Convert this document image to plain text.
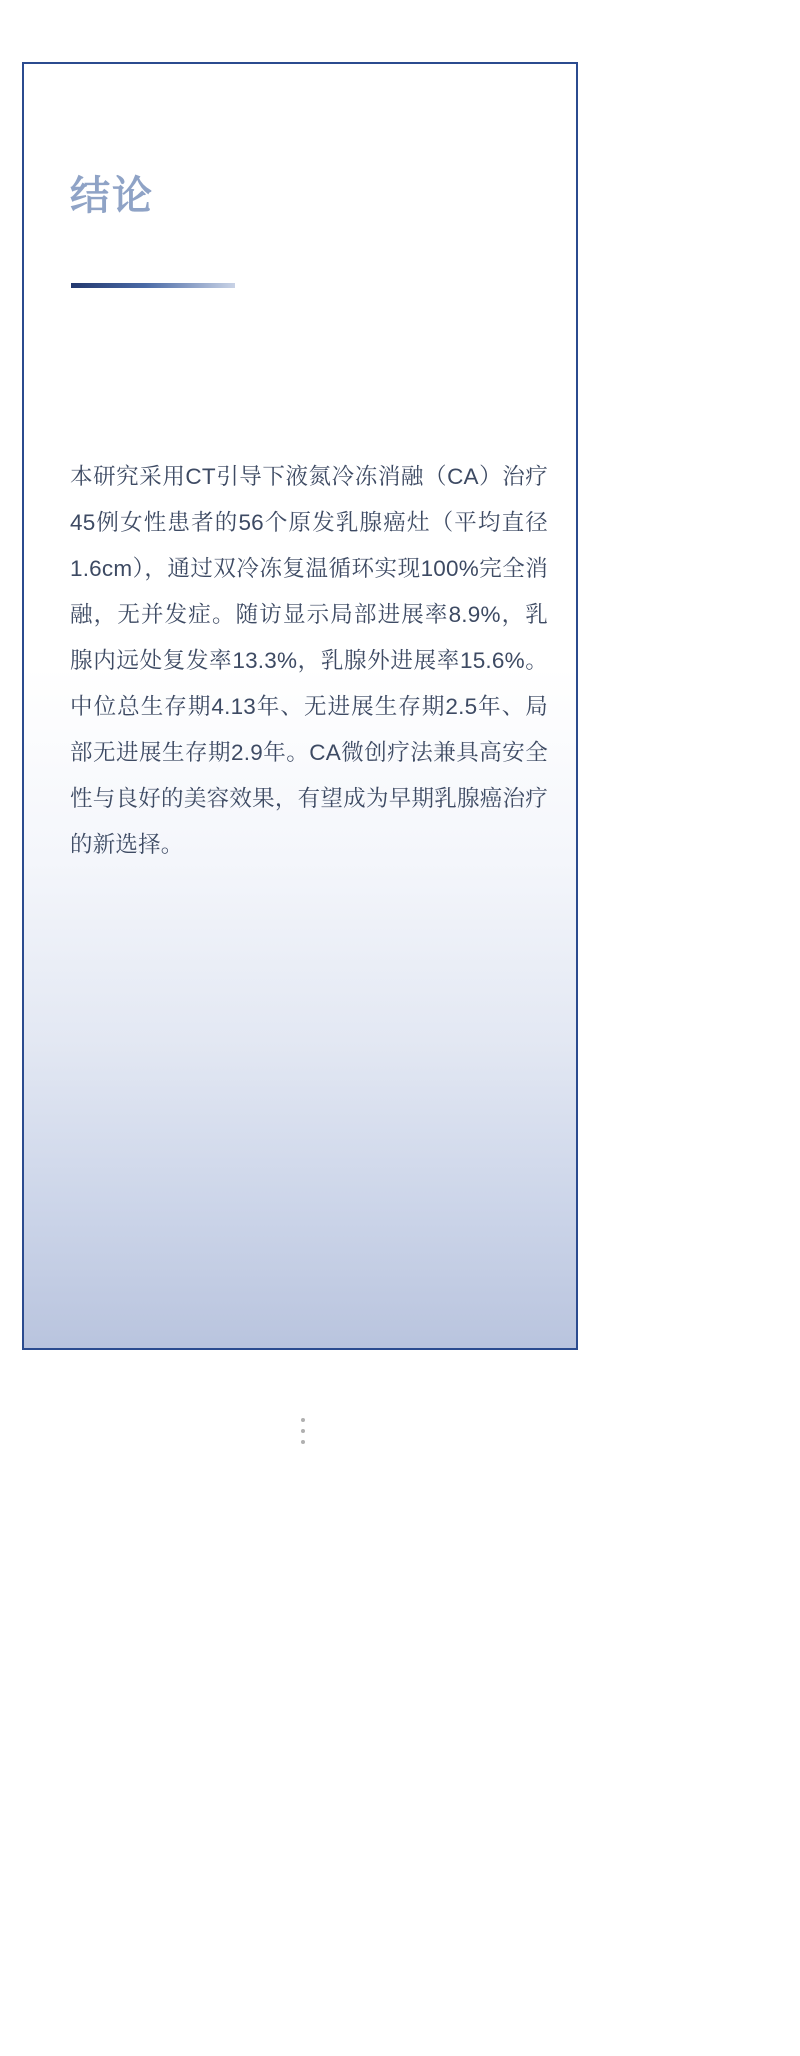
结论
本研究采用CT引导下液氮冷冻消融（CA）治疗45例女性患者的56个原发乳腺癌灶（平均直径1.6cm），通过双冷冻复温循环实现100%完全消融，无并发症。随访显示局部进展率8.9%，乳腺内远处复发率13.3%，乳腺外进展率15.6%。中位总生存期4.13年、无进展生存期2.5年、局部无进展生存期2.9年。CA微创疗法兼具高安全性与良好的美容效果，有望成为早期乳腺癌治疗的新选择。
